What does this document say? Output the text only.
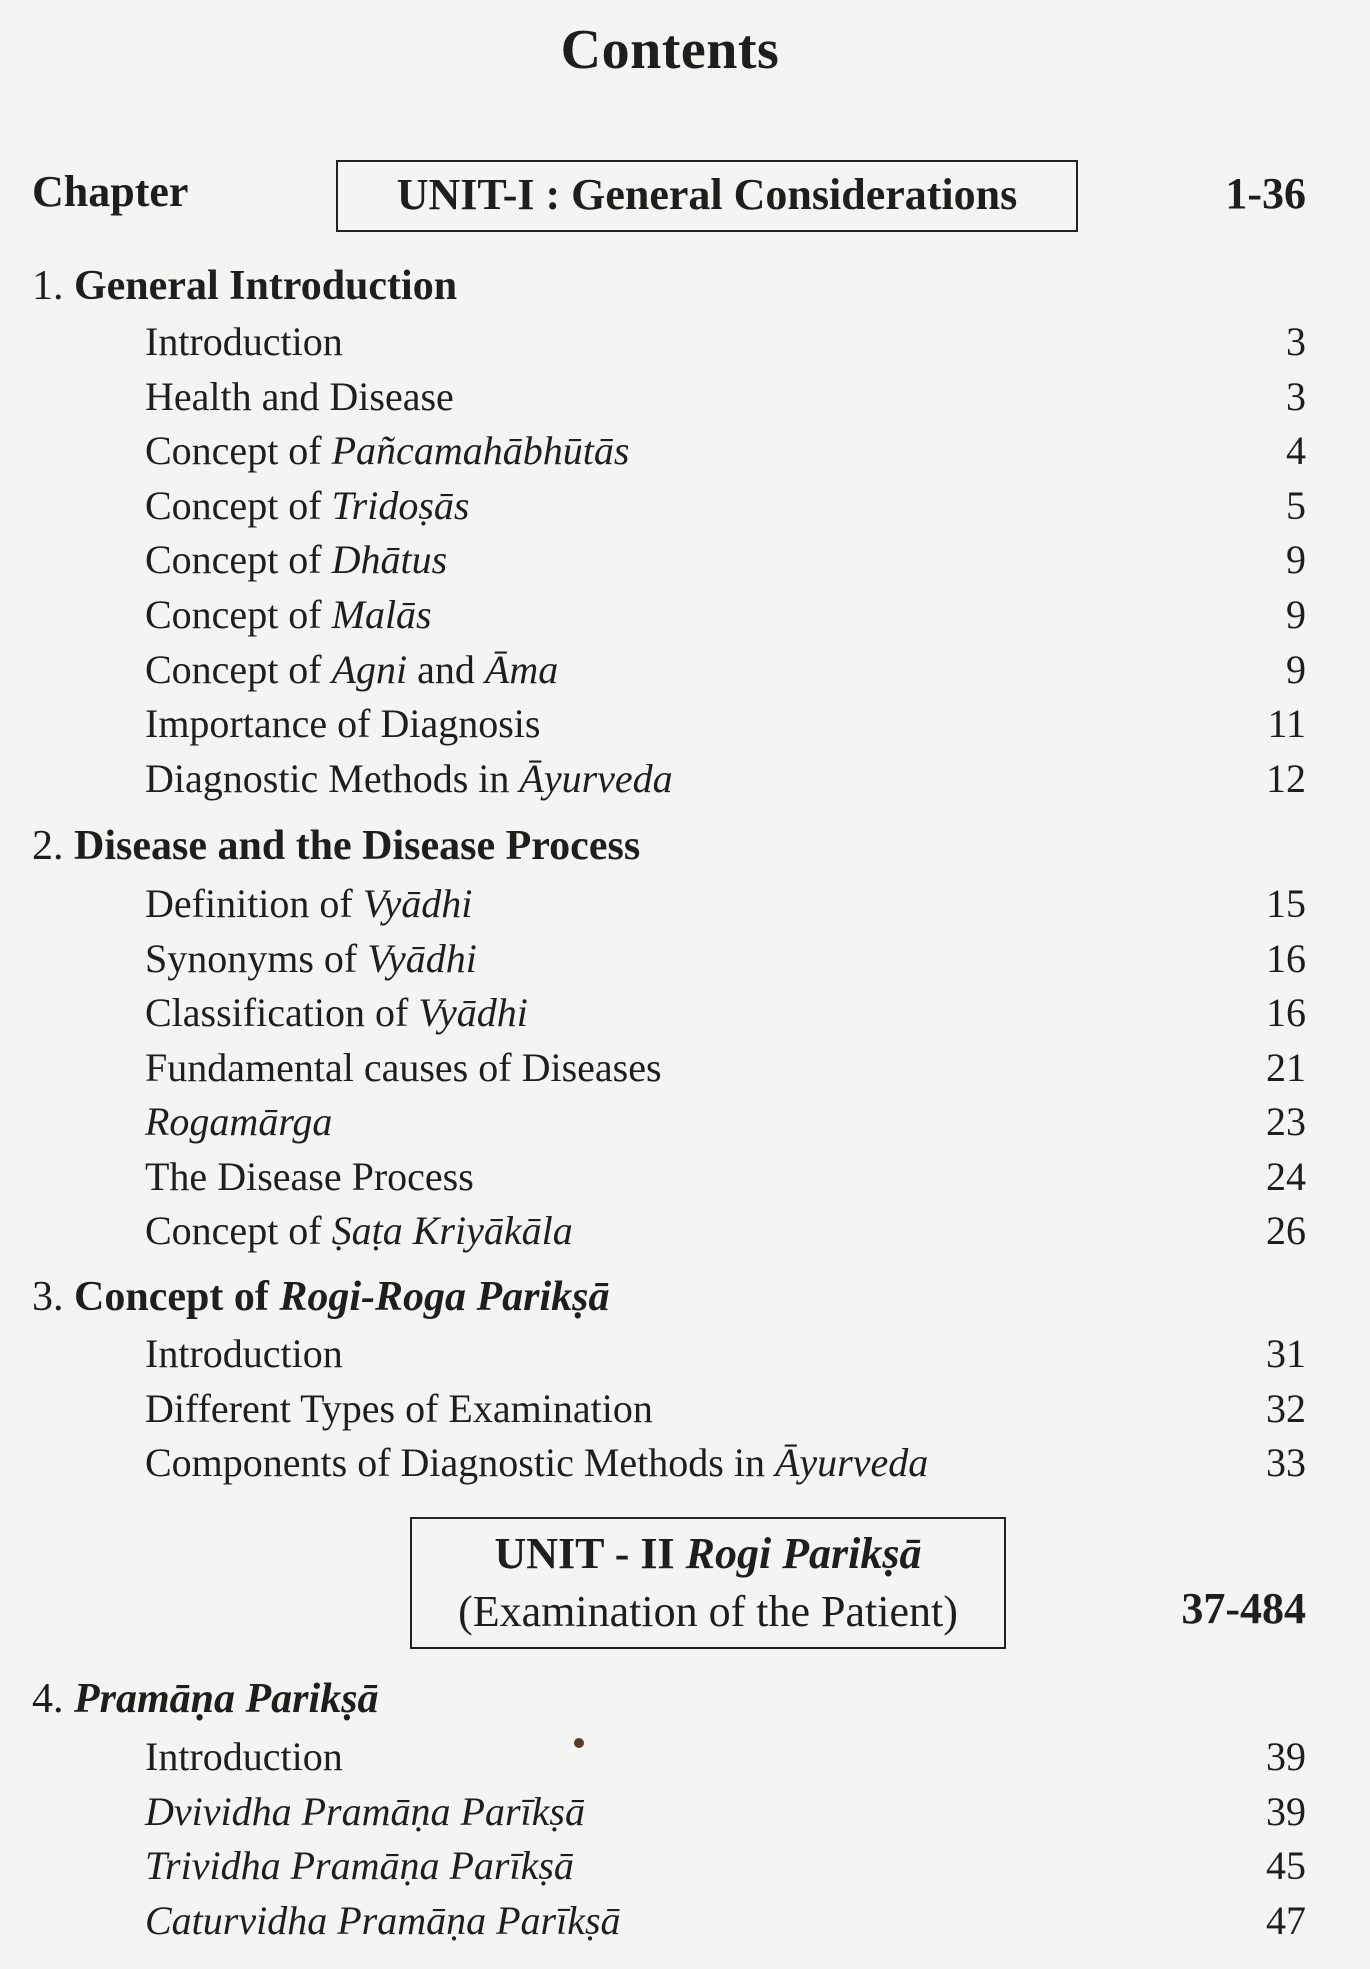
Contents
Chapter	UNIT-I : General Considerations	1-36
1. General Introduction
Introduction	3
Health and Disease	3
Concept of Pañcamahābhūtās	4
Concept of Tridoṣās	5
Concept of Dhātus	9
Concept of Malās	9
Concept of Agni and Āma	9
Importance of Diagnosis	11
Diagnostic Methods in Āyurveda	12
2. Disease and the Disease Process
Definition of Vyādhi	15
Synonyms of Vyādhi	16
Classification of Vyādhi	16
Fundamental causes of Diseases	21
Rogamārga	23
The Disease Process	24
Concept of Ṣaṭa Kriyākāla	26
3. Concept of Rogi-Roga Parikṣā
Introduction	31
Different Types of Examination	32
Components of Diagnostic Methods in Āyurveda	33
UNIT - II Rogi Parikṣā
(Examination of the Patient)	37-484
4. Pramāṇa Parikṣā
Introduction	39
Dvividha Pramāṇa Parīkṣā	39
Trividha Pramāṇa Parīkṣā	45
Caturvidha Pramāṇa Parīkṣā	47
